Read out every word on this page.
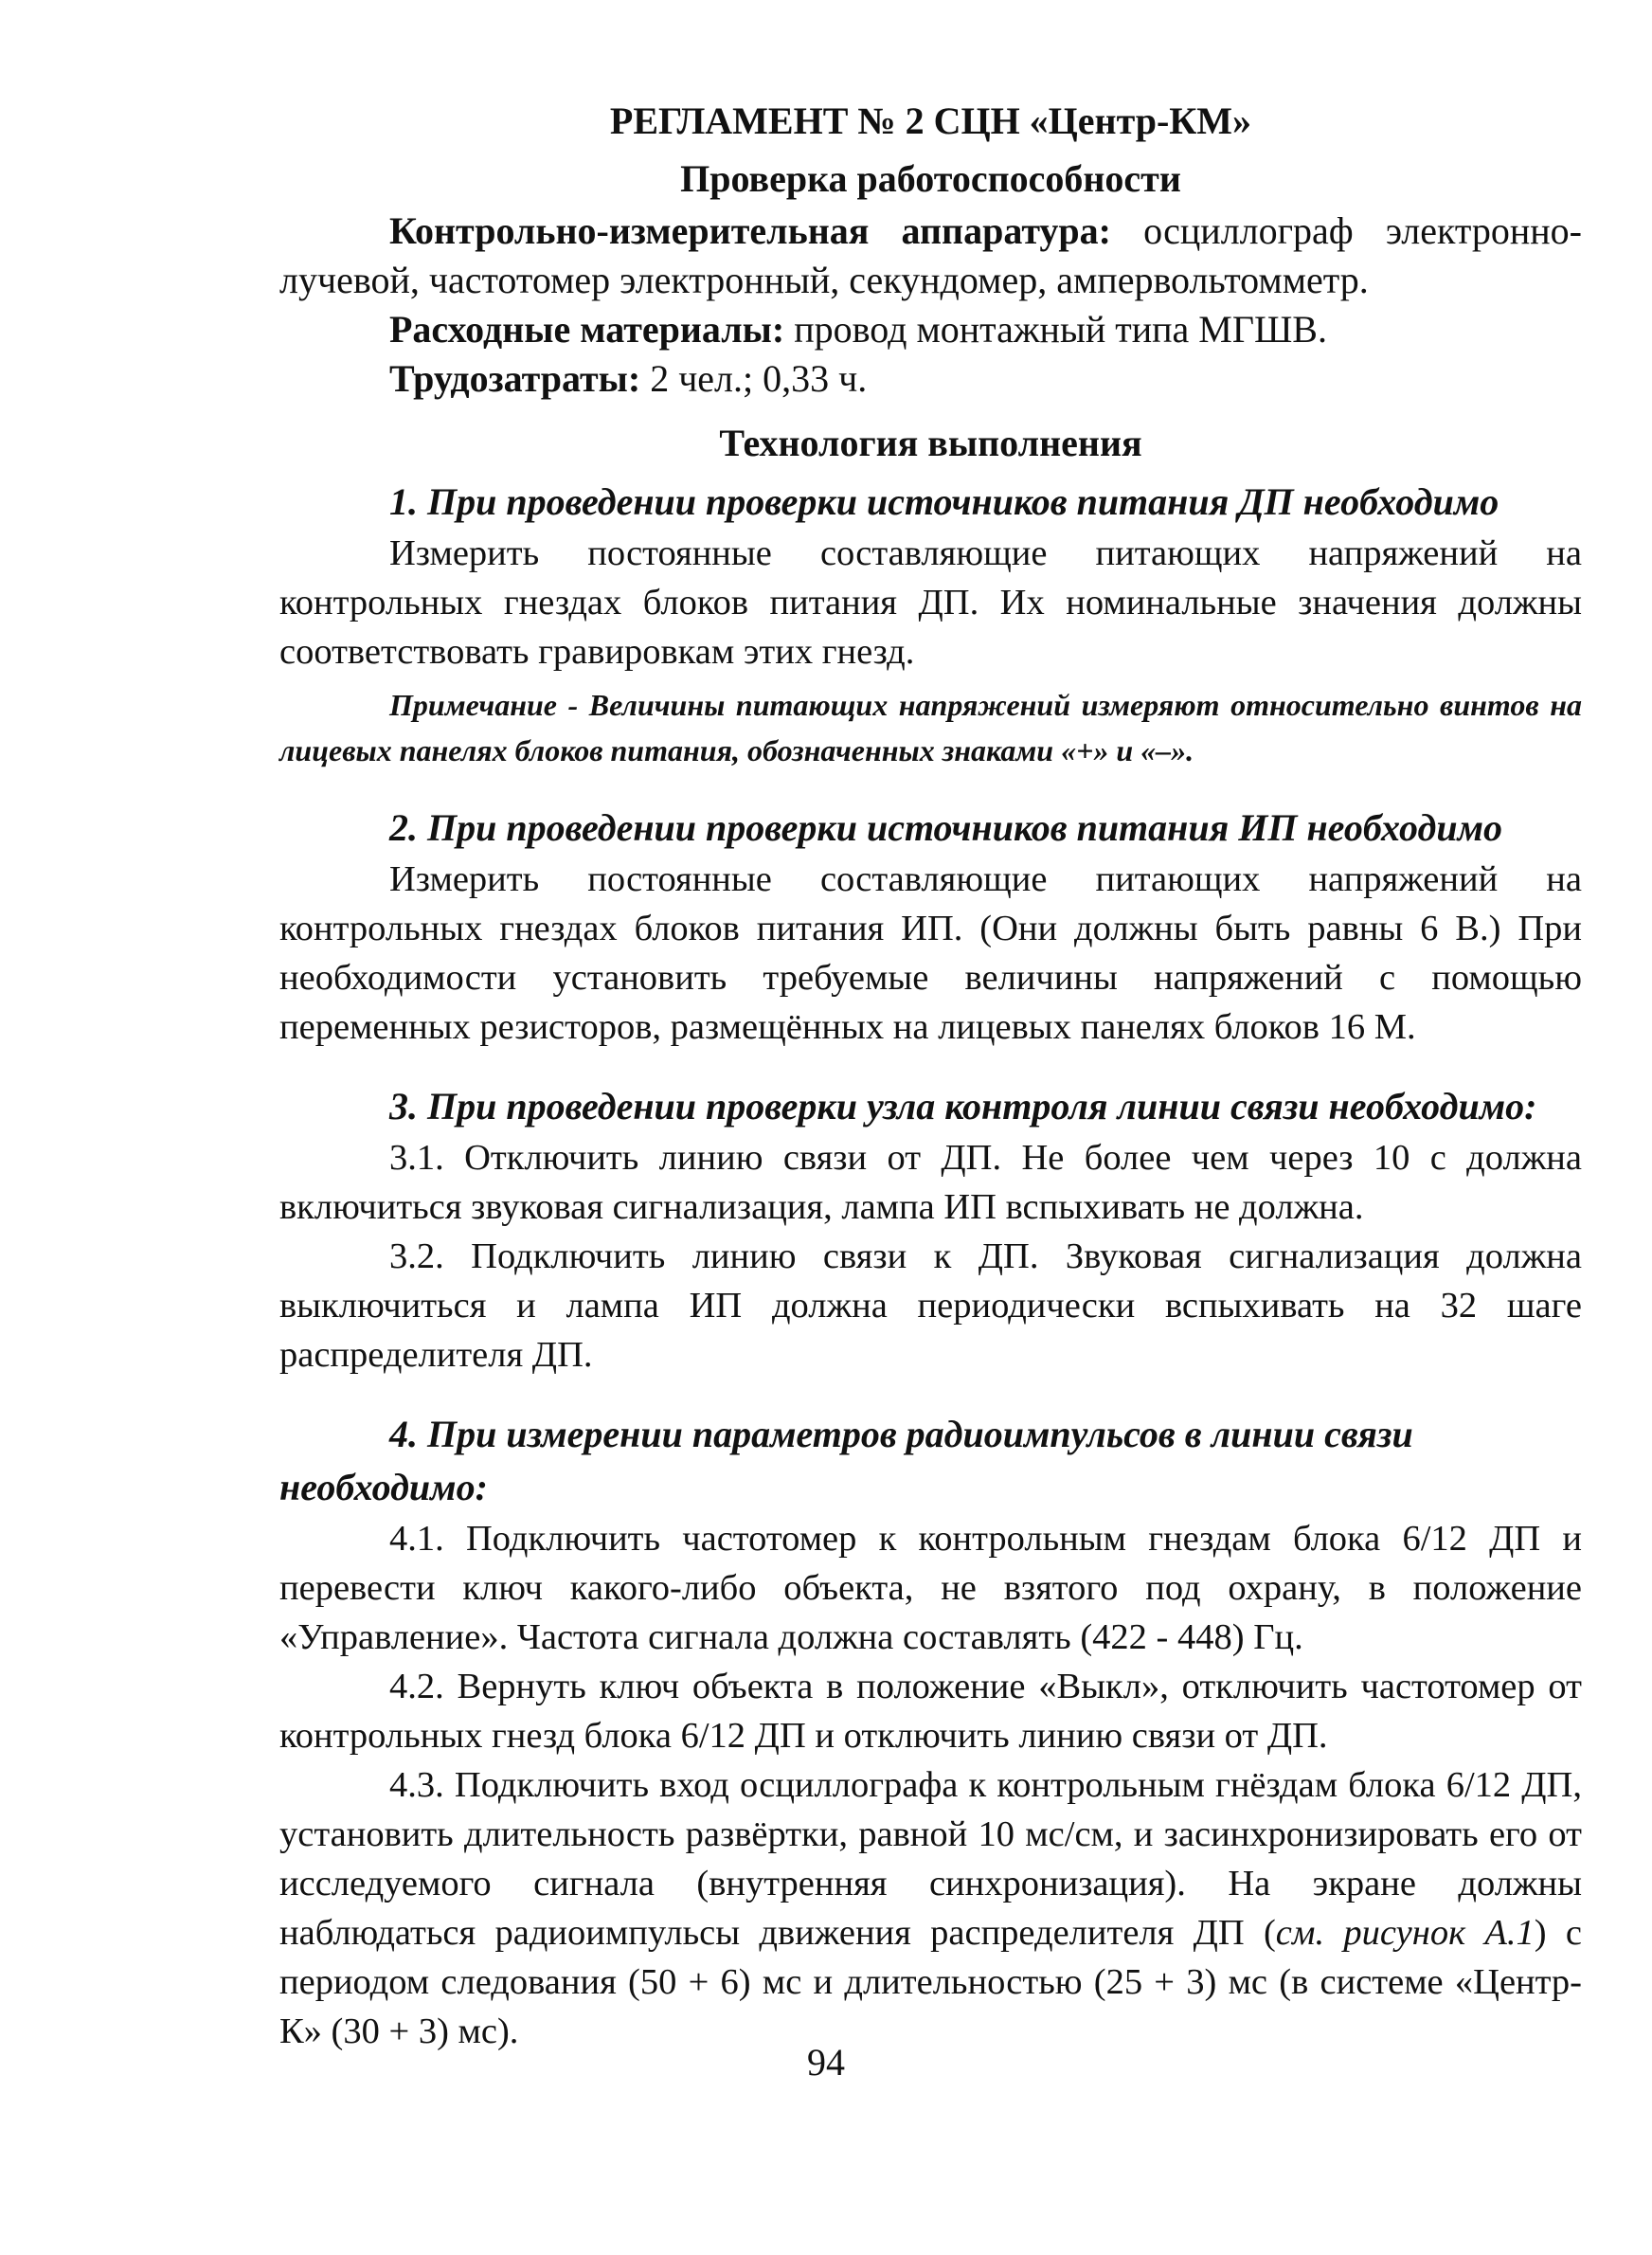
РЕГЛАМЕНТ № 2 СЦН «Центр-КМ»
Проверка работоспособности

Контрольно-измерительная аппаратура: осциллограф электронно-лучевой, частотомер электронный, секундомер, ампервольтомметр.

Расходные материалы: провод монтажный типа МГШВ.

Трудозатраты: 2 чел.; 0,33 ч.

Технология выполнения
1. При проведении проверки источников питания ДП необходимо

Измерить постоянные составляющие питающих напряжений на контрольных гнездах блоков питания ДП. Их номинальные значения должны соответствовать гравировкам этих гнезд.

Примечание - Величины питающих напряжений измеряют относительно винтов на лицевых панелях блоков питания, обозначенных знаками «+» и «–».
2. При проведении проверки источников питания ИП необходимо

Измерить постоянные составляющие питающих напряжений на контрольных гнездах блоков питания ИП. (Они должны быть равны 6 В.) При необходимости установить требуемые величины напряжений с помощью переменных резисторов, размещённых на лицевых панелях блоков 16 М.

3. При проведении проверки узла контроля линии связи необходимо:

3.1. Отключить линию связи от ДП. Не более чем через 10 с должна включиться звуковая сигнализация, лампа ИП вспыхивать не должна.

3.2. Подключить линию связи к ДП. Звуковая сигнализация должна выключиться и лампа ИП должна периодически вспыхивать на 32 шаге распределителя ДП.

4. При измерении параметров радиоимпульсов в линии связи необходимо:

4.1. Подключить частотомер к контрольным гнездам блока 6/12 ДП и перевести ключ какого-либо объекта, не взятого под охрану, в положение «Управление». Частота сигнала должна составлять (422 - 448) Гц.

4.2. Вернуть ключ объекта в положение «Выкл», отключить частотомер от контрольных гнезд блока 6/12 ДП и отключить линию связи от ДП.

4.3. Подключить вход осциллографа к контрольным гнёздам блока 6/12 ДП, установить длительность развёртки, равной 10 мс/см, и засинхронизировать его от исследуемого сигнала (внутренняя синхронизация). На экране должны наблюдаться радиоимпульсы движения распределителя ДП (см. рисунок А.1) с периодом следования (50 + 6) мс и длительностью (25 + 3) мс (в системе «Центр-К» (30 + 3) мс).

94
